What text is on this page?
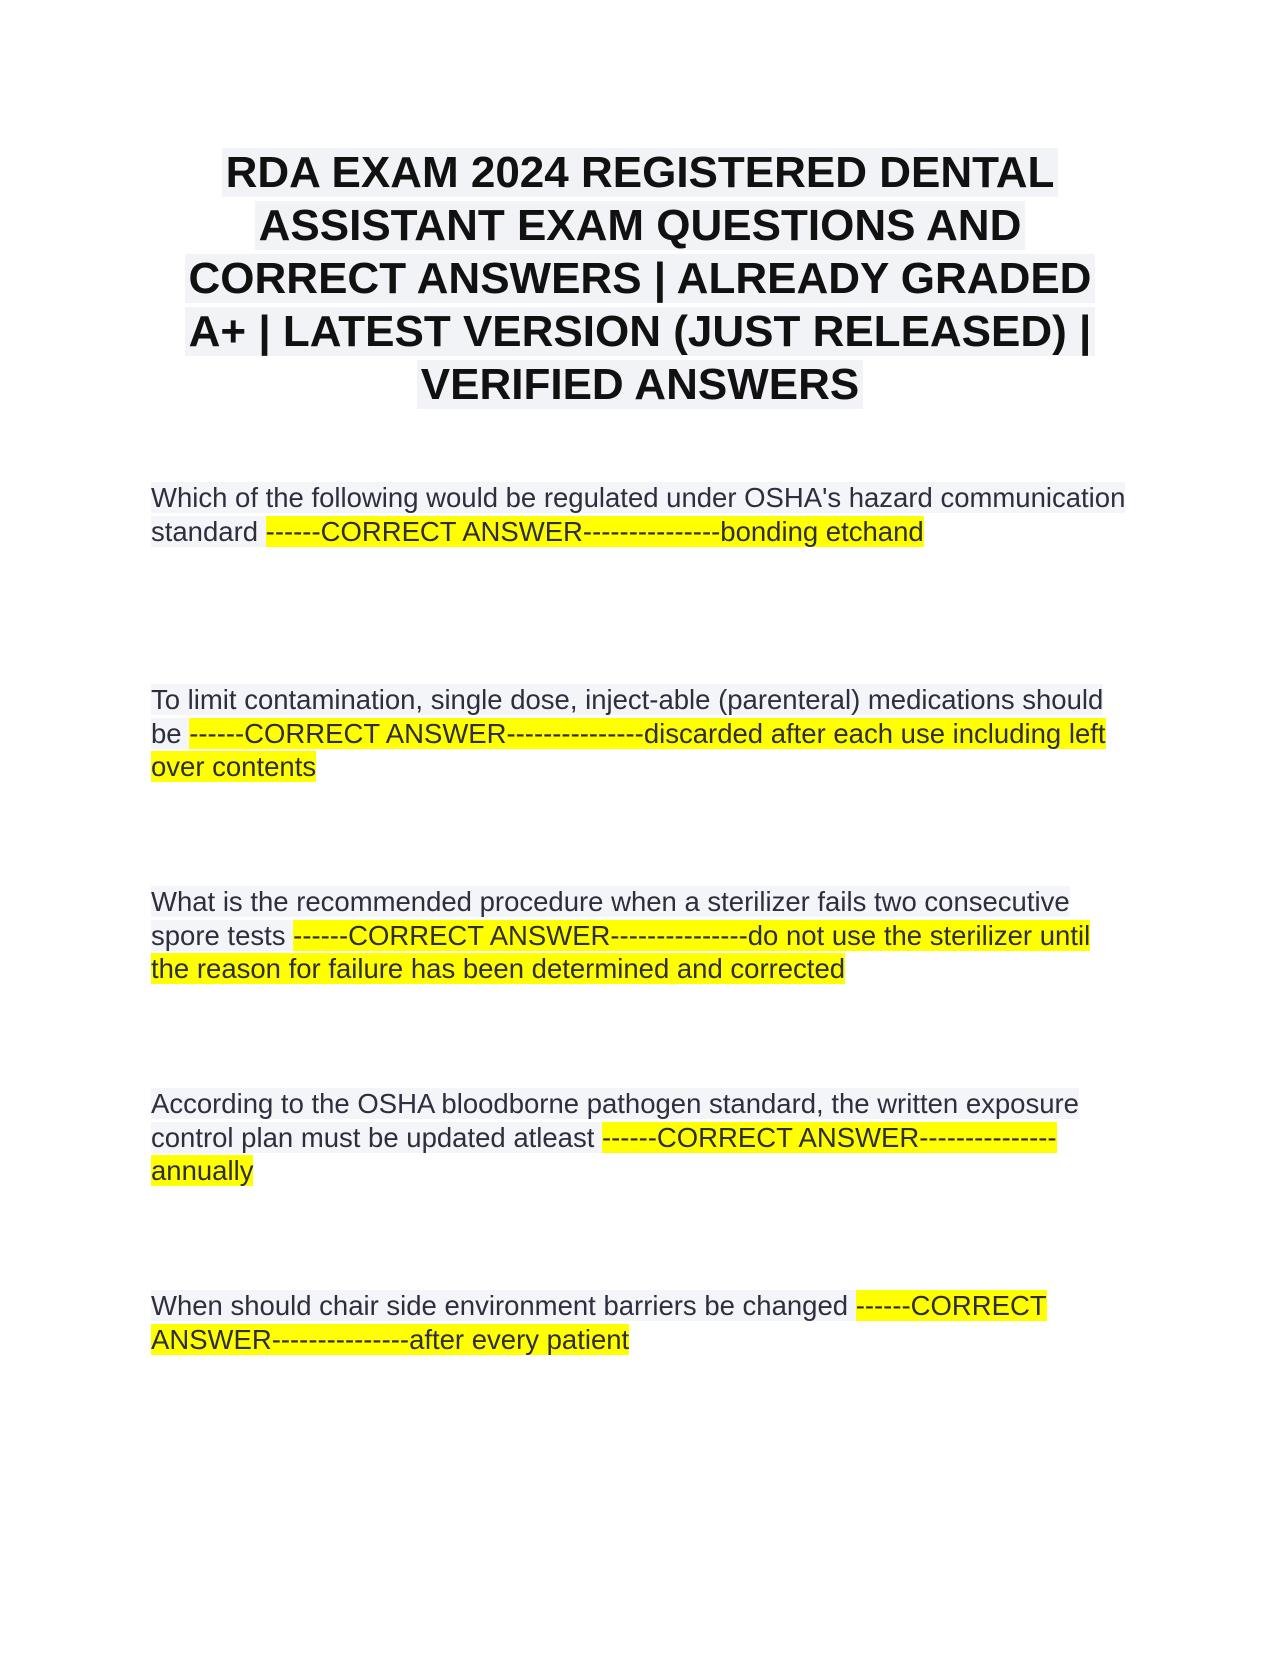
RDA EXAM 2024 REGISTERED DENTAL
ASSISTANT EXAM QUESTIONS AND
CORRECT ANSWERS | ALREADY GRADED
A+ | LATEST VERSION (JUST RELEASED) |
VERIFIED ANSWERS

Which of the following would be regulated under OSHA's hazard communication standard ------CORRECT ANSWER---------------bonding etchand

To limit contamination, single dose, inject-able (parenteral) medications should be ------CORRECT ANSWER---------------discarded after each use including left over contents

What is the recommended procedure when a sterilizer fails two consecutive spore tests ------CORRECT ANSWER---------------do not use the sterilizer until the reason for failure has been determined and corrected

According to the OSHA bloodborne pathogen standard, the written exposure control plan must be updated atleast ------CORRECT ANSWER---------------annually

When should chair side environment barriers be changed ------CORRECT ANSWER---------------after every patient
